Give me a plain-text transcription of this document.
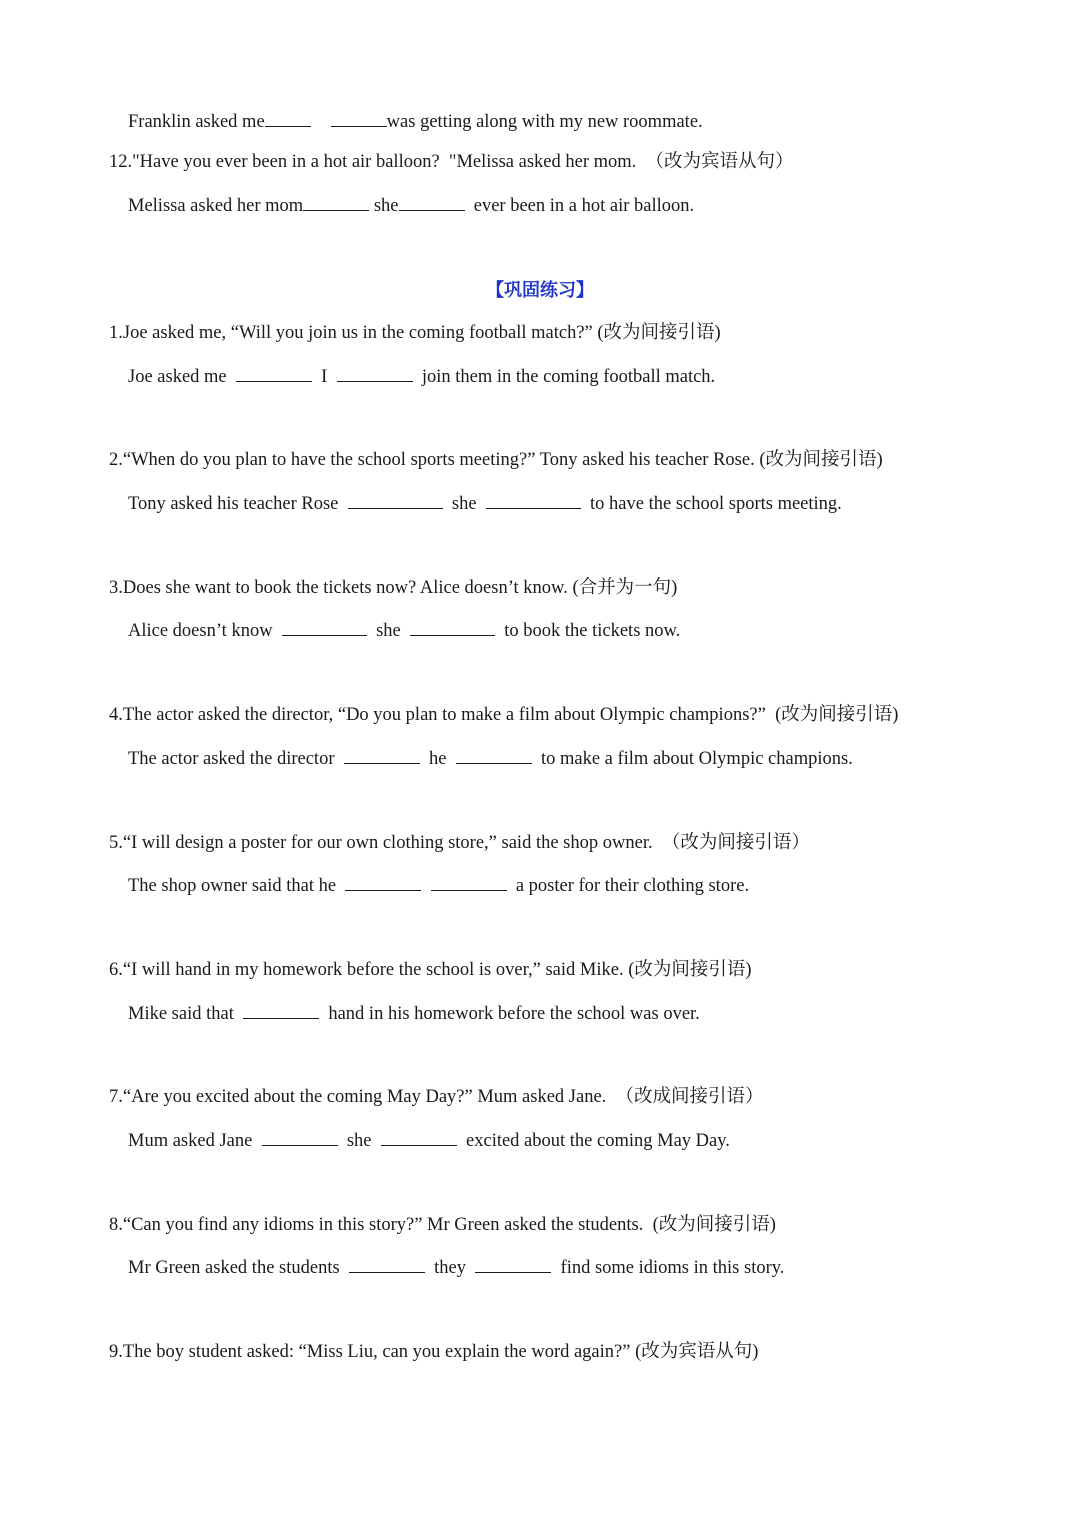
Franklin asked me	was getting along with my new roommate.
12."Have you ever been in a hot air balloon?  "Melissa asked her mom.  （改为宾语从句）
Melissa asked her mom	she	ever been in a hot air balloon.
【巩固练习】
1.Joe asked me, “Will you join us in the coming football match?” (改为间接引语)
Joe asked me	I	join them in the coming football match.
2.“When do you plan to have the school sports meeting?” Tony asked his teacher Rose. (改为间接引语)
Tony asked his teacher Rose	she	to have the school sports meeting.
3.Does she want to book the tickets now? Alice doesn’t know. (合并为一句)
Alice doesn’t know	she	to book the tickets now.
4.The actor asked the director, “Do you plan to make a film about Olympic champions?”  (改为间接引语)
The actor asked the director	he	to make a film about Olympic champions.
5.“I will design a poster for our own clothing store,” said the shop owner.  （改为间接引语）
The shop owner said that he	a poster for their clothing store.
6.“I will hand in my homework before the school is over,” said Mike. (改为间接引语)
Mike said that	hand in his homework before the school was over.
7.“Are you excited about the coming May Day?” Mum asked Jane.  （改成间接引语）
Mum asked Jane	she	excited about the coming May Day.
8.“Can you find any idioms in this story?” Mr Green asked the students.  (改为间接引语)
Mr Green asked the students	they	find some idioms in this story.
9.The boy student asked: “Miss Liu, can you explain the word again?” (改为宾语从句)
